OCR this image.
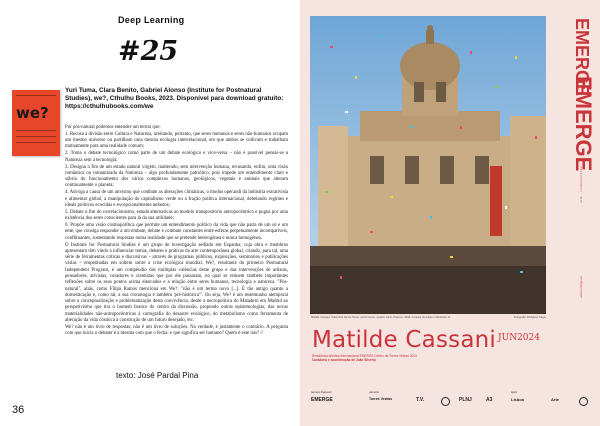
Deep Learning
#25
we?
Yuri Tuma, Clara Benito, Gabriel Alonso (Institute for Postnatural Studies), we?, Cthulhu Books, 2023. Disponível para download gratuito: https://cthulhubooks.com/we

Por pós-natural podemos entender um termo que:

1. Recusa a divisão entre Cultura e Natureza, aceitando, portanto, que seres humanos e seres não-humanos ocupam um mesmo universo ou partilham uma mesma ecologia interrelacional, em que ambos se cultivam e trabalham mutuamente para uma realidade comum;

2. Toma o debate tecnológico como parte de um debate ecológico e vice-versa – não é possível pensar-se a Natureza sem a tecnologia;

3. Designa o fim de um estado natural virgem, inalterado, sem intervenção humana, recusando, enfim, uma visão romântica ou romantizada da Natureza – algo profundamente patriótico, pois impede um entendimento claro e sóbrio do funcionamento dos vários complexos humanos, geológicos, vegetais e animais que alteram continuamente o planeta;

4. Advoga a causa de um ativismo que combate as alterações climáticas, o modus operandi da indústria extrativista e alimentar global, a manipulação do capitalismo verde ou a fração política internacional, debelando regimes e ideais políticos ecocidas e excepcionalmente nefastos;

5. Debate o fim do correlacionismo, estuda alternativas ao modelo transpositório antropocêntrico e pugna por uma existência dos seres conscientes para lá da sua utilidade;

6. Propõe uma visão cosmopolítica que permite um entendimento político da vida que não parta de um só e um ente, que consiga responder a um embate, debate e combate constantes entre esferas perpetuamente incompatíveis, conflituantes, sustentando respostas numa realidade que se pretende heterogénea e nunca homogénea.

O Institute for Postnatural Studies é um grupo de investigação sediado em Espanha, cuja obra e membros apresentam têm vindo a influenciar temas, debates e práticas da arte contemporânea global, criando, para tal, uma série de ferramentas críticas e discursivas – através de programas públicos, exposições, seminários e publicações várias – empenhadas em soltem sobre a crise ecológica mundial. We?, resultante do primeiro Postnatural Independent Program, é um compêndio das múltiplas valências deste grupo e das intervenções de artistas, pensadores, ativistas, curadores e cientistas que por ele passaram, no qual se reúnem também importantes reflexões sobre os seus pontos acima elencados e a relação entre seres humanos, tecnologia e natureza. "Pós-natural", aliás, como Filipa Ramos menciona em We?: "não é um termo novo [...]. É tão antigo quanto a domesticação e, como tal, a sua cronologia é também 'pré-histórica'". Ou seja, We? é um testemunho atemporal sobre a conceptualização e problematização desta convivência, desde a necropolítica do Matadero em Madrid ao perspetivismo que tira o homem branco do centro da discussão, propondo outras epistemologias; das novas materialidades não-antropocêntricas à cartografia do desastre ecológico, do metabolismo como ferramenta de alteração da vida cósmica à construção de um futuro desejado, etc.

We? não é um livro de respostas; não é um livro de soluções. Na verdade, é justamente o contrário. A pergunta com que inicia o debater é a mesma com que o fecha: e que significa ser humano? Quem é este nós? //

texto: José Pardal Pina
36
Matilde Cassani, Tutta l'Arte Senza Nome, performance, Quattro Canti, Palermo, 2018. Cortesia da artista e Manifesta 12	Fotografia: Wolfgang Träger
EMERGE
EMERGE
arte · contemporânea
www.emerge.art
Matilde Cassani JUN2024
Residência artística internacional EMERGE Centro de Torres Vedras 2024
Curadoria e coordenação de João Silvério
parceiro financeiro	parceiros	apoio
EMERGE	Torres Vedras	T.V.	PLNJ	A3	Lisboa	Arte
